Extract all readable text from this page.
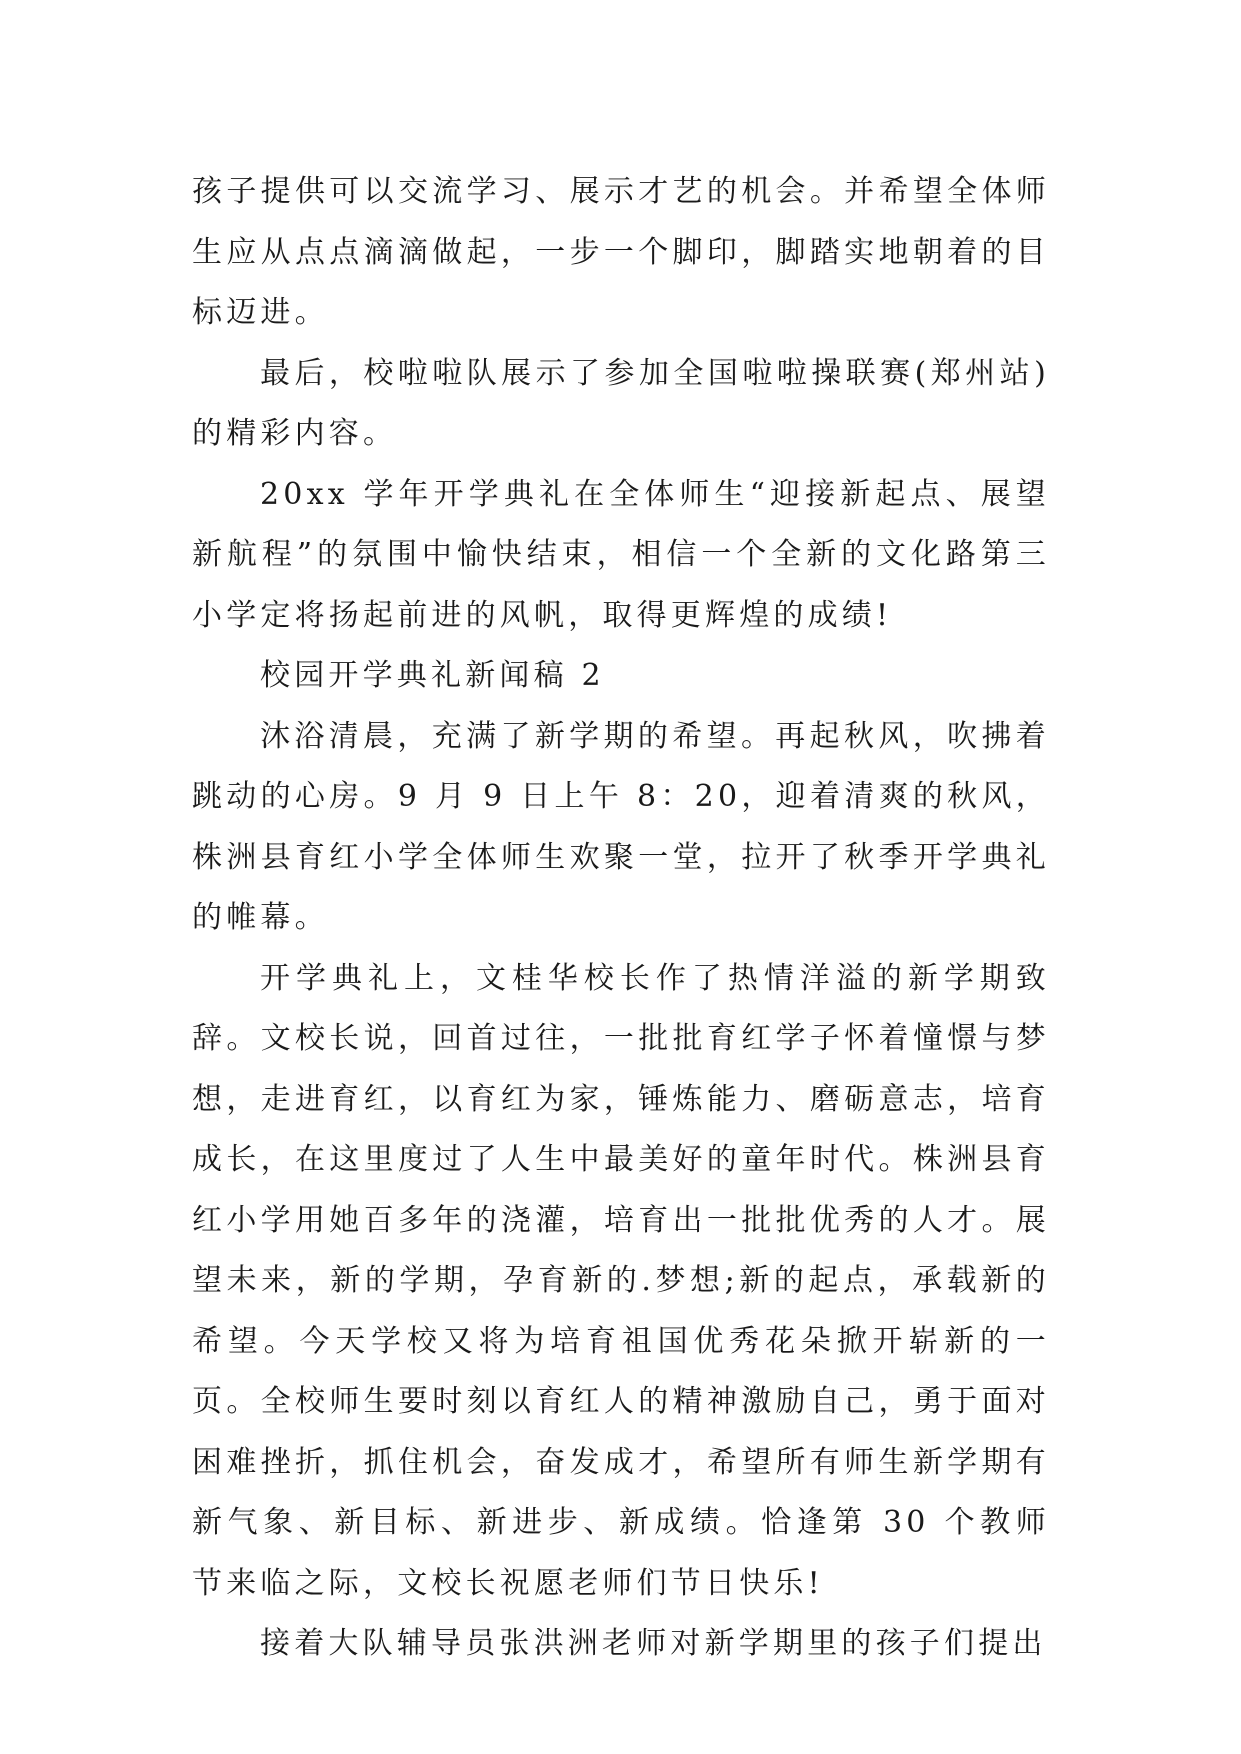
孩子提供可以交流学习、展示才艺的机会。并希望全体师生应从点点滴滴做起，一步一个脚印，脚踏实地朝着的目标迈进。

最后，校啦啦队展示了参加全国啦啦操联赛(郑州站)的精彩内容。

20xx 学年开学典礼在全体师生“迎接新起点、展望新航程”的氛围中愉快结束，相信一个全新的文化路第三小学定将扬起前进的风帆，取得更辉煌的成绩!

校园开学典礼新闻稿 2

沐浴清晨，充满了新学期的希望。再起秋风，吹拂着跳动的心房。9 月 9 日上午 8：20，迎着清爽的秋风，株洲县育红小学全体师生欢聚一堂，拉开了秋季开学典礼的帷幕。

开学典礼上，文桂华校长作了热情洋溢的新学期致辞。文校长说，回首过往，一批批育红学子怀着憧憬与梦想，走进育红，以育红为家，锤炼能力、磨砺意志，培育成长，在这里度过了人生中最美好的童年时代。株洲县育红小学用她百多年的浇灌，培育出一批批优秀的人才。展望未来，新的学期，孕育新的.梦想;新的起点，承载新的希望。今天学校又将为培育祖国优秀花朵掀开崭新的一页。全校师生要时刻以育红人的精神激励自己，勇于面对困难挫折，抓住机会，奋发成才，希望所有师生新学期有新气象、新目标、新进步、新成绩。恰逢第 30 个教师节来临之际，文校长祝愿老师们节日快乐!

接着大队辅导员张洪洲老师对新学期里的孩子们提出
